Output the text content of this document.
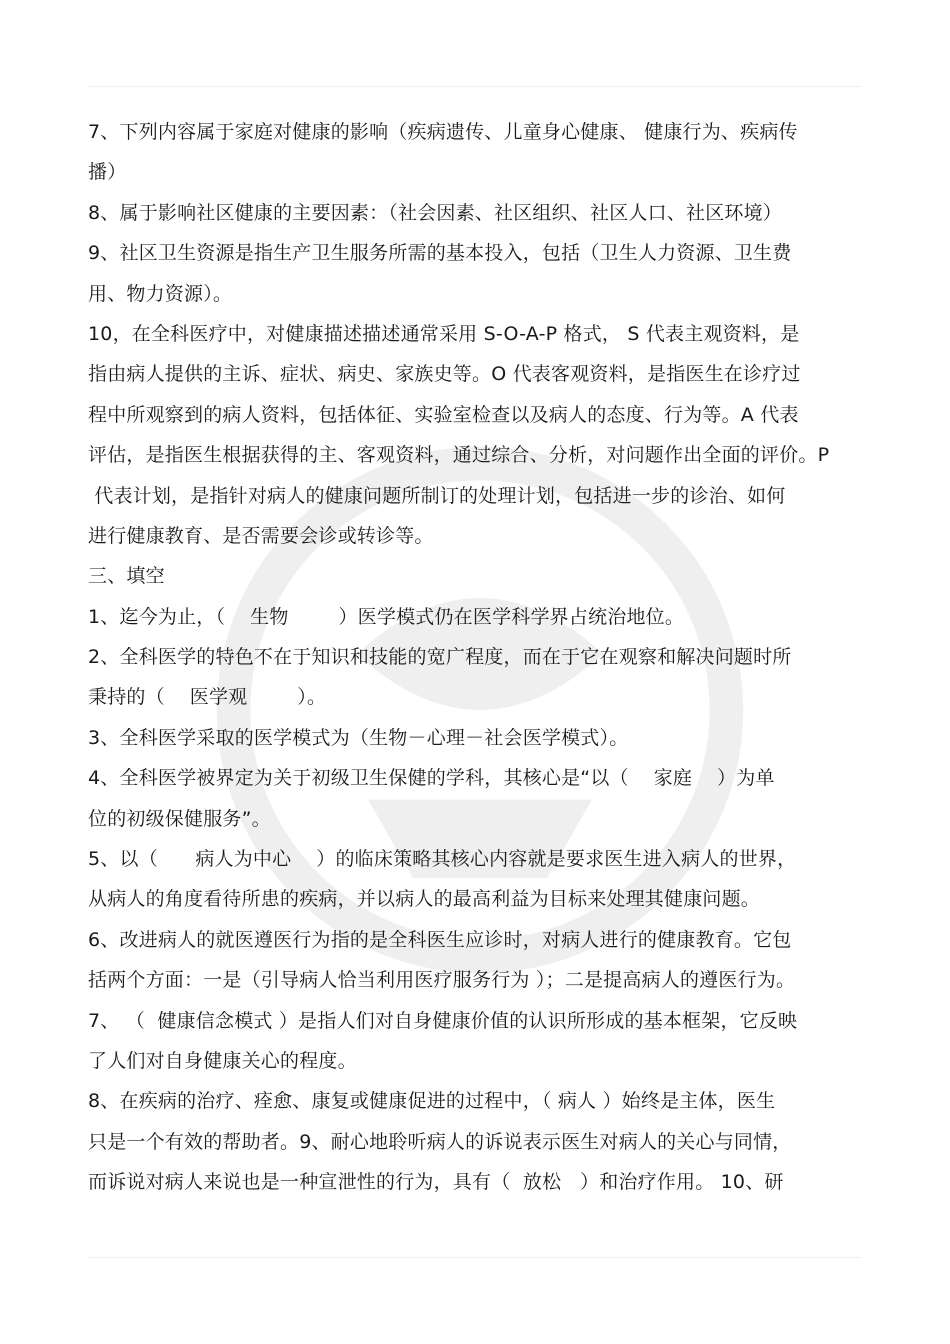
7、下列内容属于家庭对健康的影响（疾病遗传、儿童身心健康、 健康行为、疾病传
播）
8、属于影响社区健康的主要因素：（社会因素、社区组织、社区人口、社区环境）
9、社区卫生资源是指生产卫生服务所需的基本投入，包括（卫生人力资源、卫生费
用、物力资源）。
10，在全科医疗中，对健康描述描述通常采用 S-O-A-P 格式， S 代表主观资料，是
指由病人提供的主诉、症状、病史、家族史等。O 代表客观资料，是指医生在诊疗过
程中所观察到的病人资料，包括体征、实验室检查以及病人的态度、行为等。A 代表
评估，是指医生根据获得的主、客观资料，通过综合、分析，对问题作出全面的评价。P
代表计划，是指针对病人的健康问题所制订的处理计划，包括进一步的诊治、如何
进行健康教育、是否需要会诊或转诊等。
三、填空
1、迄今为止，（    生物        ）医学模式仍在医学科学界占统治地位。
2、全科医学的特色不在于知识和技能的宽广程度，而在于它在观察和解决问题时所
秉持的（    医学观        ）。
3、全科医学采取的医学模式为（生物－心理－社会医学模式）。
4、全科医学被界定为关于初级卫生保健的学科，其核心是“以（    家庭    ）为单
位的初级保健服务”。
5、以（      病人为中心    ）的临床策略其核心内容就是要求医生进入病人的世界，
从病人的角度看待所患的疾病，并以病人的最高利益为目标来处理其健康问题。
6、改进病人的就医遵医行为指的是全科医生应诊时，对病人进行的健康教育。它包
括两个方面：一是（引导病人恰当利用医疗服务行为 ）；二是提高病人的遵医行为。
7、 （  健康信念模式 ）是指人们对自身健康价值的认识所形成的基本框架，它反映
了人们对自身健康关心的程度。
8、在疾病的治疗、痊愈、康复或健康促进的过程中，（ 病人 ）始终是主体，医生
只是一个有效的帮助者。9、耐心地聆听病人的诉说表示医生对病人的关心与同情，
而诉说对病人来说也是一种宣泄性的行为，具有（  放松   ）和治疗作用。 10、研
